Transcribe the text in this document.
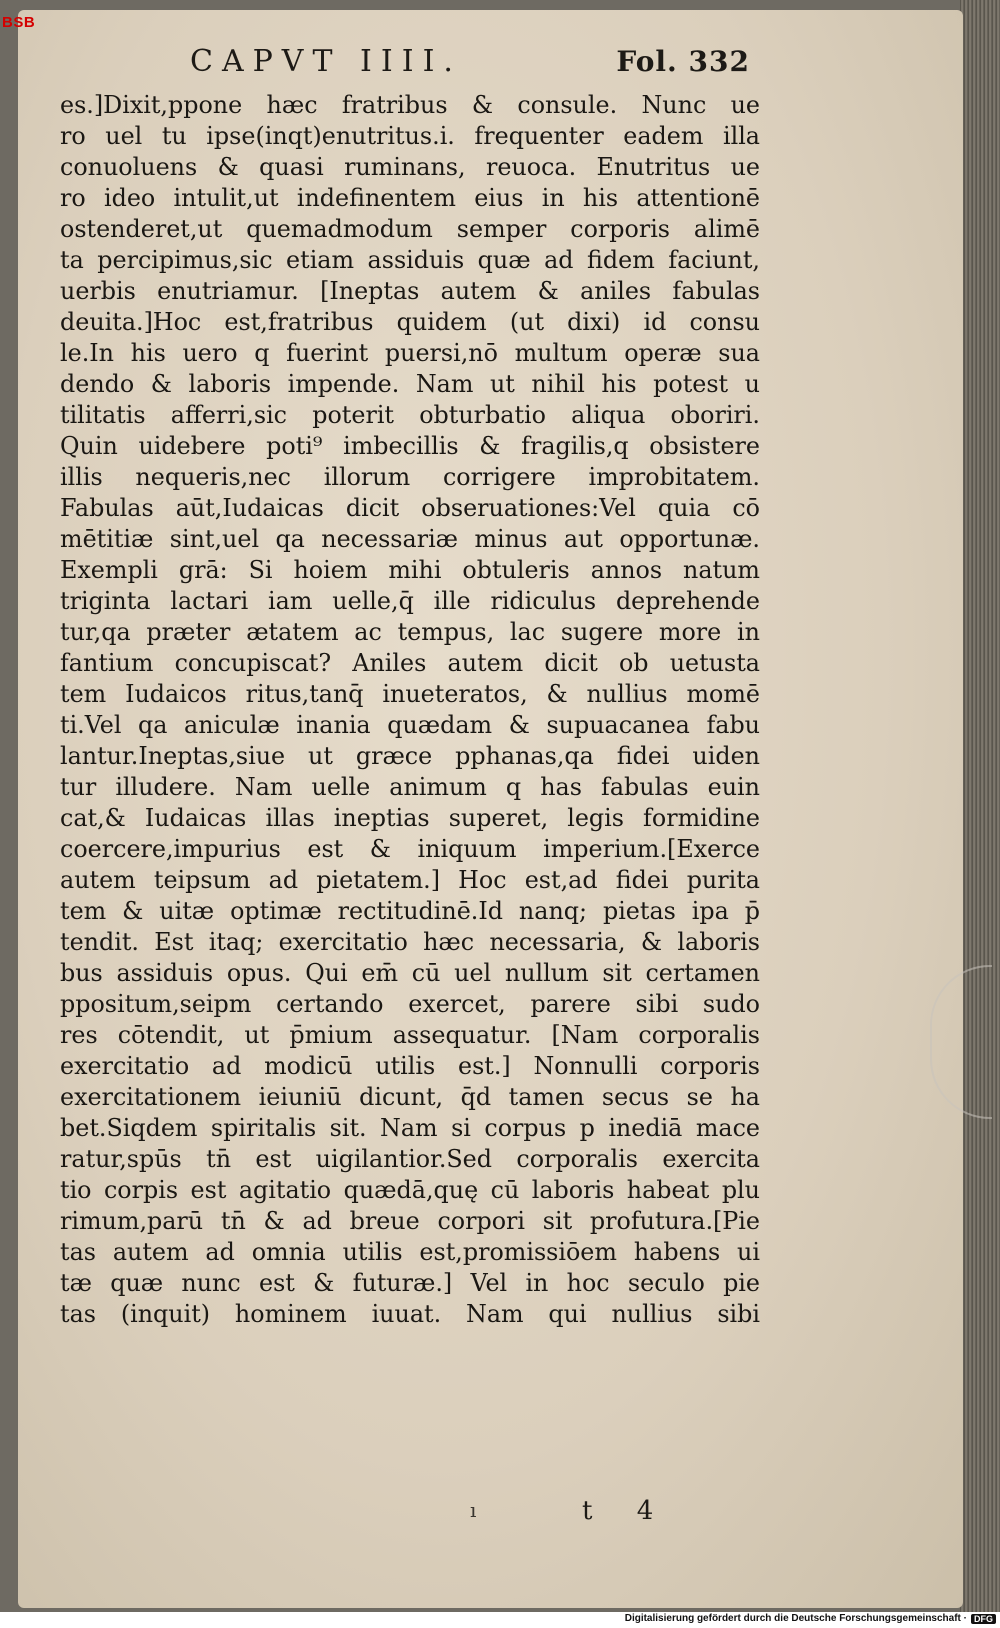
BSB
CAPVT IIII.	Fol. 332
es.]Dixit,ppone hæc fratribus & consule. Nunc ue
ro uel tu ipse(inqt)enutritus.i. frequenter eadem illa
conuoluens & quasi ruminans, reuoca. Enutritus ue
ro ideo intulit,ut indefinentem eius in his attentionē
ostenderet,ut quemadmodum semper corporis alimē
ta percipimus,sic etiam assiduis quæ ad fidem faciunt,
uerbis enutriamur. [Ineptas autem & aniles fabulas
deuita.]Hoc est,fratribus quidem (ut dixi) id consu
le.In his uero q fuerint puersi,nō multum operæ sua
dendo & laboris impende. Nam ut nihil his potest u
tilitatis afferri,sic poterit obturbatio aliqua oboriri.
Quin uidebere poti⁹ imbecillis & fragilis,q obsistere
illis nequeris,nec illorum corrigere improbitatem.
Fabulas aūt,Iudaicas dicit obseruationes:Vel quia cō
mētitiæ sint,uel qa necessariæ minus aut opportunæ.
Exempli grā: Si hoiem mihi obtuleris annos natum
triginta lactari iam uelle,q̄ ille ridiculus deprehende
tur,qa præter ætatem ac tempus, lac sugere more in
fantium concupiscat? Aniles autem dicit ob uetusta
tem Iudaicos ritus,tanq̄ inueteratos, & nullius momē
ti.Vel qa aniculæ inania quædam & supuacanea fabu
lantur.Ineptas,siue ut græce pphanas,qa fidei uiden
tur illudere. Nam uelle animum q has fabulas euin
cat,& Iudaicas illas ineptias superet, legis formidine
coercere,impurius est & iniquum imperium.[Exerce
autem teipsum ad pietatem.] Hoc est,ad fidei purita
tem & uitæ optimæ rectitudinē.Id nanq; pietas ipa p̄
tendit. Est itaq; exercitatio hæc necessaria, & laboris
bus assiduis opus. Qui em̄ cū uel nullum sit certamen
ppositum,seipm certando exercet, parere sibi sudo
res cōtendit, ut p̄mium assequatur. [Nam corporalis
exercitatio ad modicū utilis est.] Nonnulli corporis
exercitationem ieiuniū dicunt, q̄d tamen secus se ha
bet.Siqdem spiritalis sit. Nam si corpus p inediā mace
ratur,spūs tn̄ est uigilantior.Sed corporalis exercita
tio corpis est agitatio quædā,quę cū laboris habeat plu
rimum,parū tn̄ & ad breue corpori sit profutura.[Pie
tas autem ad omnia utilis est,promissiōem habens ui
tæ quæ nunc est & futuræ.] Vel in hoc seculo pie
tas (inquit) hominem iuuat. Nam qui nullius sibi
ı	t 4
Digitalisierung gefördert durch die Deutsche Forschungsgemeinschaft · DFG
